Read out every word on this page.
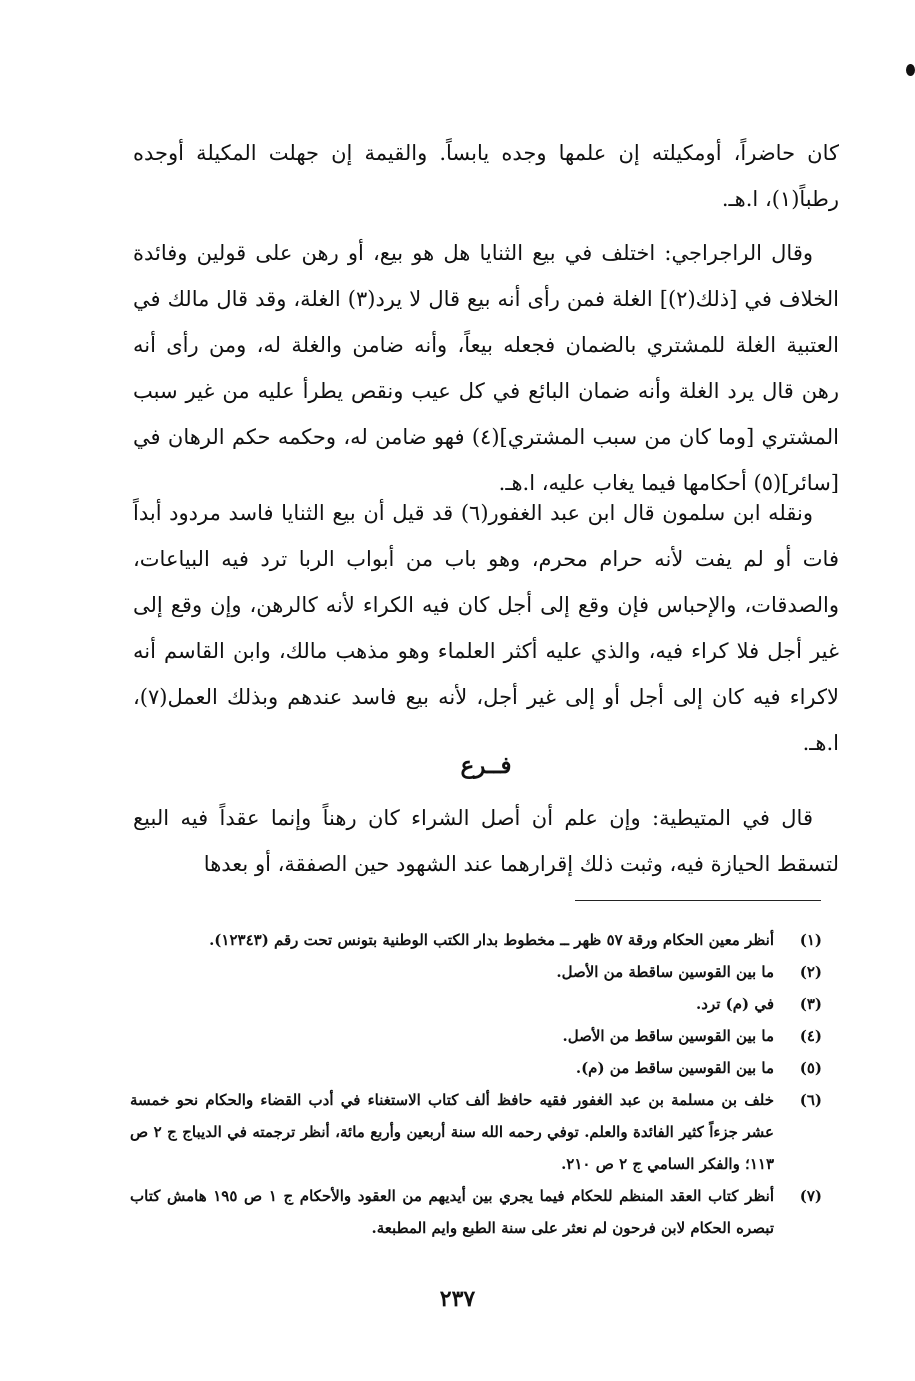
كان حاضراً، أومكيلته إن علمها وجده يابساً. والقيمة إن جهلت المكيلة أوجده رطباً(١)، ا.هـ.

وقال الراجراجي: اختلف في بيع الثنايا هل هو بيع، أو رهن على قولين وفائدة الخلاف في [ذلك(٢)] الغلة فمن رأى أنه بيع قال لا يرد(٣) الغلة، وقد قال مالك في العتبية الغلة للمشتري بالضمان فجعله بيعاً، وأنه ضامن والغلة له، ومن رأى أنه رهن قال يرد الغلة وأنه ضمان البائع في كل عيب ونقص يطرأ عليه من غير سبب المشتري [وما كان من سبب المشتري](٤) فهو ضامن له، وحكمه حكم الرهان في [سائر](٥) أحكامها فيما يغاب عليه، ا.هـ.

ونقله ابن سلمون قال ابن عبد الغفور(٦) قد قيل أن بيع الثنايا فاسد مردود أبداً فات أو لم يفت لأنه حرام محرم، وهو باب من أبواب الربا ترد فيه البياعات، والصدقات، والإحباس فإن وقع إلى أجل كان فيه الكراء لأنه كالرهن، وإن وقع إلى غير أجل فلا كراء فيه، والذي عليه أكثر العلماء وهو مذهب مالك، وابن القاسم أنه لاكراء فيه كان إلى أجل أو إلى غير أجل، لأنه بيع فاسد عندهم وبذلك العمل(٧)، ا.هـ.

فــرع

قال في المتيطية: وإن علم أن أصل الشراء كان رهناً وإنما عقداً فيه البيع لتسقط الحيازة فيه، وثبت ذلك إقرارهما عند الشهود حين الصفقة، أو بعدها

(١)
أنظر معين الحكام ورقة ٥٧ ظهر ــ مخطوط بدار الكتب الوطنية بتونس تحت رقم (١٢٣٤٣).
(٢)
ما بين القوسين ساقطة من الأصل.
(٣)
في (م) ترد.
(٤)
ما بين القوسين ساقط من الأصل.
(٥)
ما بين القوسين ساقط من (م).
(٦)
خلف بن مسلمة بن عبد الغفور فقيه حافظ ألف كتاب الاستغناء في أدب القضاء والحكام نحو خمسة عشر جزءاً كثير الفائدة والعلم. توفي رحمه الله سنة أربعين وأربع مائة، أنظر ترجمته في الديباج ج ٢ ص ١١٣؛ والفكر السامي ج ٢ ص ٢١٠.
(٧)
أنظر كتاب العقد المنظم للحكام فيما يجري بين أيديهم من العقود والأحكام ج ١ ص ١٩٥ هامش كتاب تبصره الحكام لابن فرحون لم نعثر على سنة الطبع وايم المطبعة.
٢٣٧
